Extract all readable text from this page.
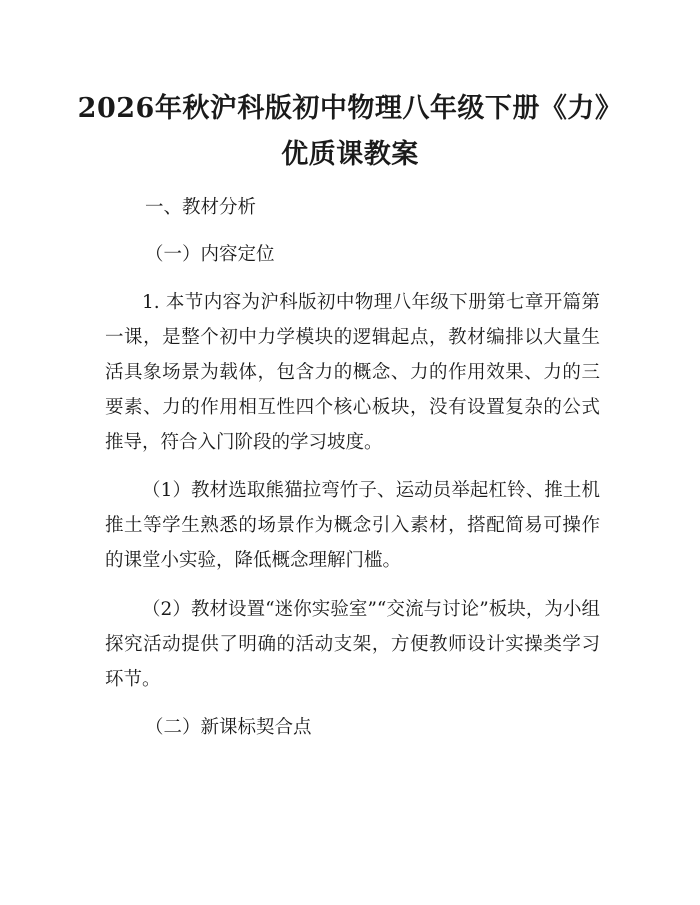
2026年秋沪科版初中物理八年级下册《力》
优质课教案
一、教材分析
（一）内容定位
1. 本节内容为沪科版初中物理八年级下册第七章开篇第一课，是整个初中力学模块的逻辑起点，教材编排以大量生活具象场景为载体，包含力的概念、力的作用效果、力的三要素、力的作用相互性四个核心板块，没有设置复杂的公式推导，符合入门阶段的学习坡度。
（1）教材选取熊猫拉弯竹子、运动员举起杠铃、推土机推土等学生熟悉的场景作为概念引入素材，搭配简易可操作的课堂小实验，降低概念理解门槛。
（2）教材设置“迷你实验室”“交流与讨论”板块，为小组探究活动提供了明确的活动支架，方便教师设计实操类学习环节。
（二）新课标契合点
